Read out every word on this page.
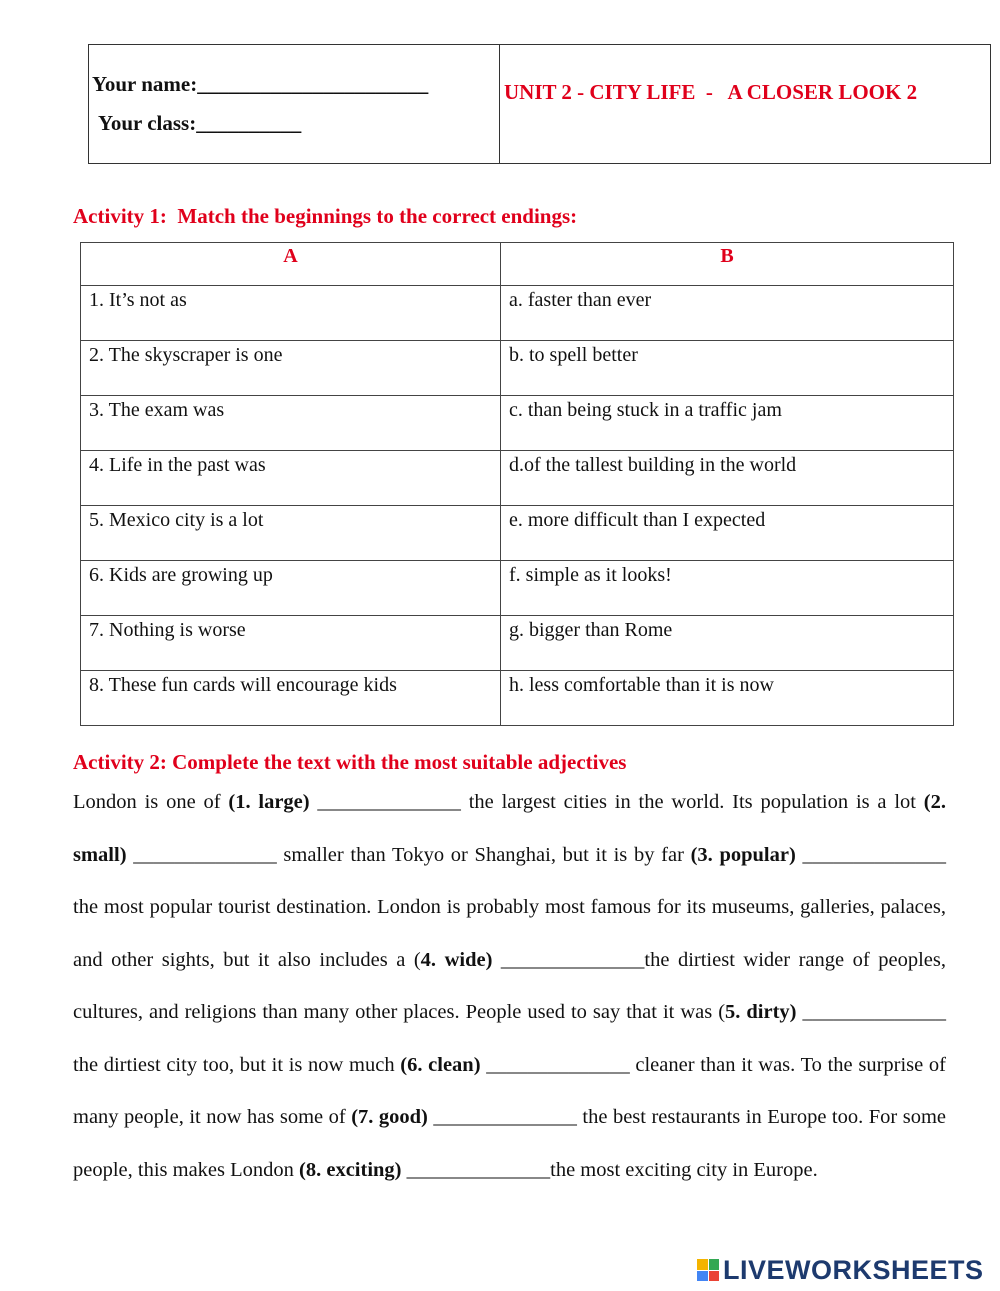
Your name:______________________
Your class:__________
	UNIT 2 - CITY LIFE  -   A CLOSER LOOK 2
Activity 1:  Match the beginnings to the correct endings:
A	B
1. It’s not as	a. faster than ever
2. The skyscraper is one	b. to spell better
3. The exam was	c. than being stuck in a traffic jam
4. Life in the past was	d.of the tallest building in the world
5. Mexico city is a lot	e. more difficult than I expected
6. Kids are growing up	f. simple as it looks!
7. Nothing is worse	g. bigger than Rome
8. These fun cards will encourage kids	h. less comfortable than it is now
Activity 2: Complete the text with the most suitable adjectives
London is one of (1. large) ______________ the largest cities in the world. Its population is a lot (2. small) ______________ smaller than Tokyo or Shanghai, but it is by far (3. popular) ______________ the most popular tourist destination. London is probably most famous for its museums, galleries, palaces, and other sights, but it also includes a (4. wide) ______________the dirtiest wider range of peoples, cultures, and religions than many other places. People used to say that it was (5. dirty) ______________ the dirtiest city too, but it is now much (6. clean) ______________ cleaner than it was. To the surprise of many people, it now has some of (7. good) ______________ the best restaurants in Europe too. For some people, this makes London (8. exciting) ______________the most exciting city in Europe.
LIVEWORKSHEETS
